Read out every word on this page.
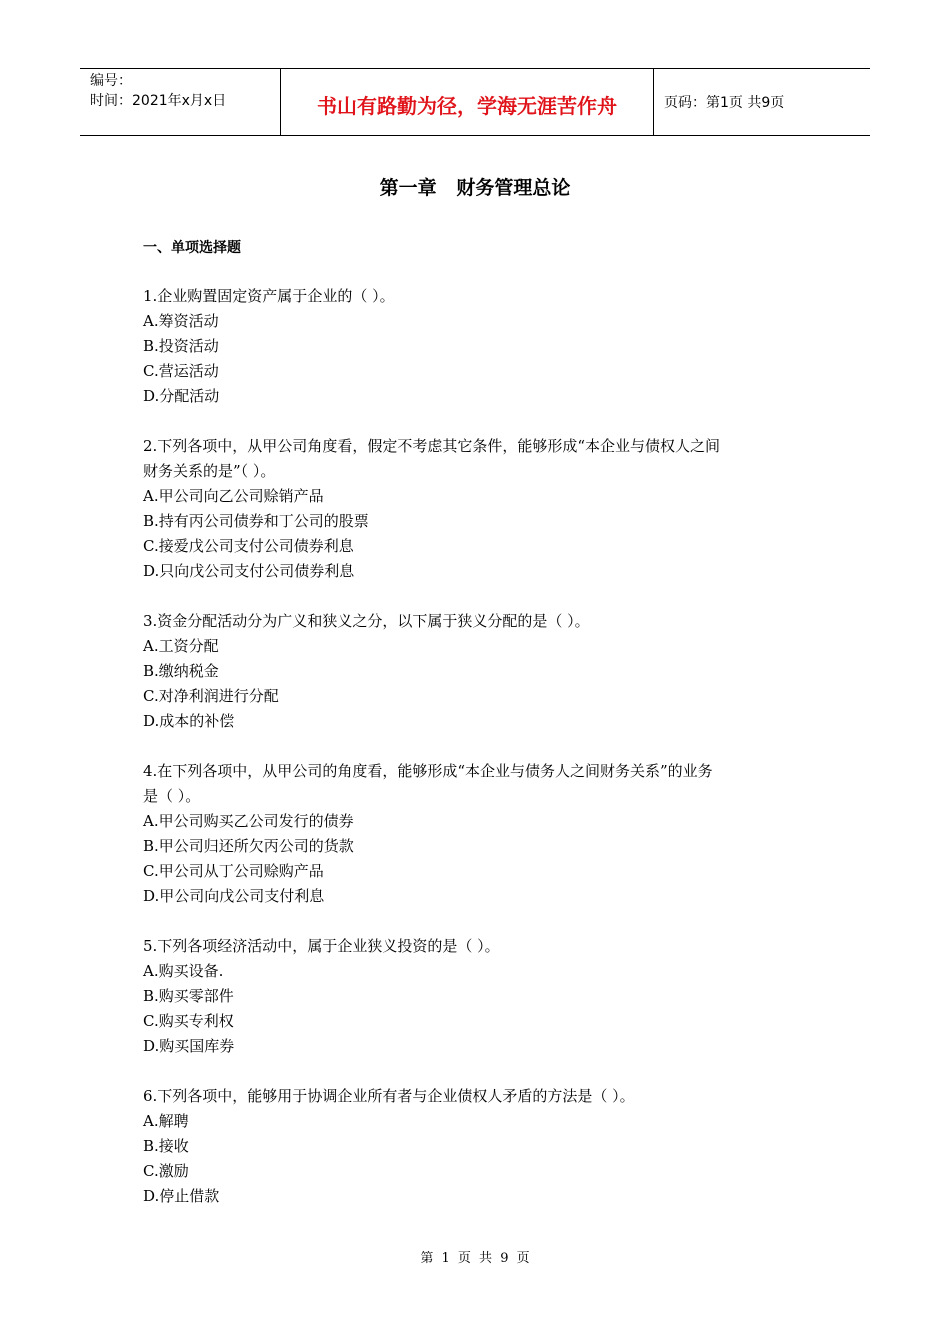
编号：
时间：2021年x月x日	书山有路勤为径，学海无涯苦作舟	页码：第1页 共9页
第一章   财务管理总论
一、单项选择题
1.企业购置固定资产属于企业的（ ）。
A.筹资活动
B.投资活动
C.营运活动
D.分配活动
2.下列各项中，从甲公司角度看，假定不考虑其它条件，能够形成“本企业与债权人之间
财务关系的是”（ ）。
A.甲公司向乙公司赊销产品
B.持有丙公司债券和丁公司的股票
C.接爱戊公司支付公司债券利息
D.只向戊公司支付公司债券利息
3.资金分配活动分为广义和狭义之分，以下属于狭义分配的是（ ）。
A.工资分配
B.缴纳税金
C.对净利润进行分配
D.成本的补偿
4.在下列各项中，从甲公司的角度看，能够形成“本企业与债务人之间财务关系”的业务
是（ ）。
A.甲公司购买乙公司发行的债券
B.甲公司归还所欠丙公司的货款
C.甲公司从丁公司赊购产品
D.甲公司向戊公司支付利息
5.下列各项经济活动中，属于企业狭义投资的是（ ）。
A.购买设备.
B.购买零部件
C.购买专利权
D.购买国库券
6.下列各项中，能够用于协调企业所有者与企业债权人矛盾的方法是（ ）。
A.解聘
B.接收
C.激励
D.停止借款
第 1 页 共 9 页
